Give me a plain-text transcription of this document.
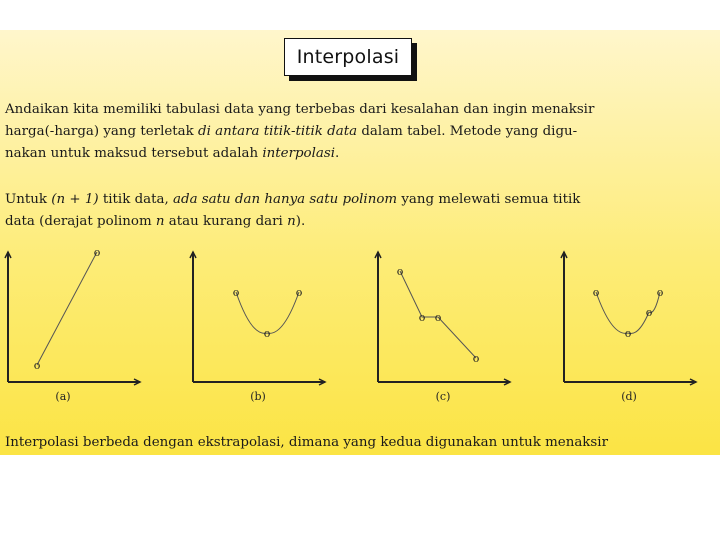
Interpolasi
Andaikan kita memiliki tabulasi data yang terbebas dari kesalahan dan ingin menaksir
harga(-harga) yang terletak di antara titik-titik data dalam tabel. Metode yang digu-
nakan untuk maksud tersebut adalah interpolasi.
Untuk (n + 1) titik data, ada satu dan hanya satu polinom yang melewati semua titik
data (derajat polinom n atau kurang dari n).
o
o
(a)
o
o
o
(b)
o
o o
o
(c)
o
o
o
o
(d)
Interpolasi berbeda dengan ekstrapolasi, dimana yang kedua digunakan untuk menaksir
